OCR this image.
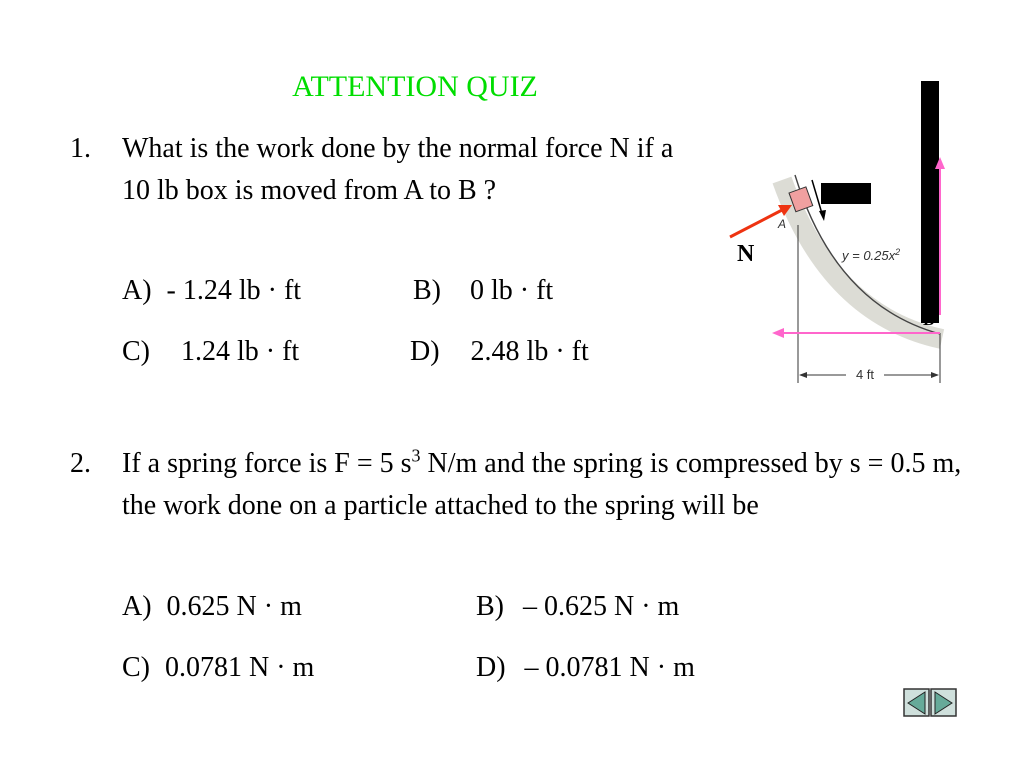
ATTENTION QUIZ
1. What is the work done by the normal force N if a 10 lb box is moved from A to B ?
A) - 1.24 lb · ft	B) 0 lb · ft
C) 1.24 lb · ft	D) 2.48 lb · ft
2. If a spring force is F = 5 $s^3$ N/m and the spring is compressed by s = 0.5 m, the work done on a particle attached to the spring will be
A) 0.625 N · m	B) – 0.625 N · m
C) 0.0781 N · m	D) – 0.0781 N · m
4 ft
N
A
B
$y = 0.25x^2$
